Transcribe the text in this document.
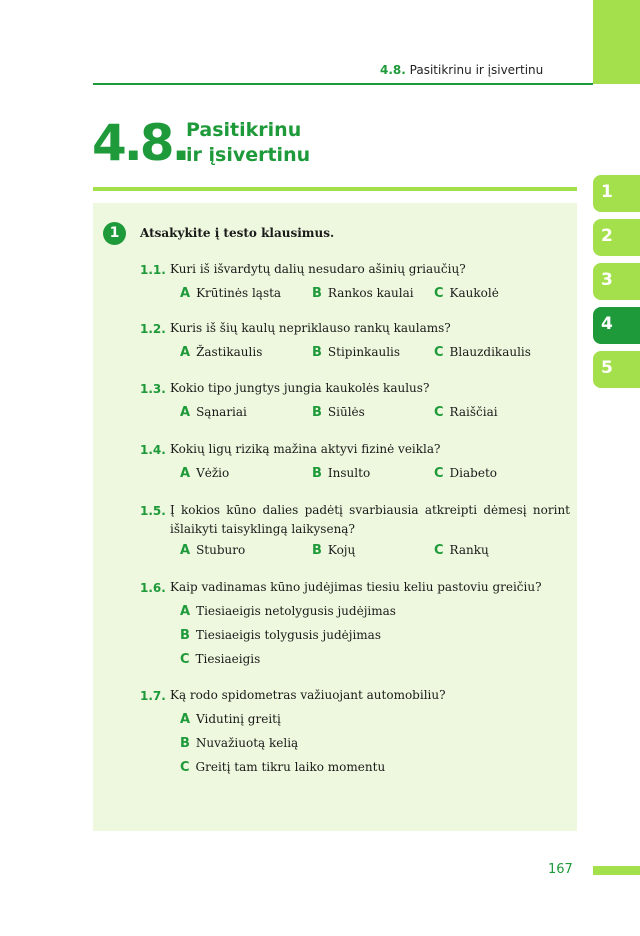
4.8. Pasitikrinu ir įsivertinu
4.8.
Pasitikrinu
ir įsivertinu
1
2
3
4
5
1	Atsakykite į testo klausimus.
1.1. Kuri iš išvardytų dalių nesudaro ašinių griaučių?
A Krūtinės ląsta B Rankos kaulai C Kaukolė
1.2. Kuris iš šių kaulų nepriklauso rankų kaulams?
A Žastikaulis	B Stipinkaulis	C Blauzdikaulis
1.3. Kokio tipo jungtys jungia kaukolės kaulus?
A Sąnariai	B Siūlės	C Raiščiai
1.4. Kokių ligų riziką mažina aktyvi fizinė veikla?
A Vėžio	B Insulto	C Diabeto
1.5. Į kokios kūno dalies padėtį svarbiausia atkreipti dėmesį norint išlaikyti taisyklingą laikyseną?
A Stuburo	B Kojų	C Rankų
1.6. Kaip vadinamas kūno judėjimas tiesiu keliu pastoviu greičiu?
A Tiesiaeigis netolygusis judėjimas
B Tiesiaeigis tolygusis judėjimas
C Tiesiaeigis
1.7. Ką rodo spidometras važiuojant automobiliu?
A Vidutinį greitį
B Nuvažiuotą kelią
C Greitį tam tikru laiko momentu
167
